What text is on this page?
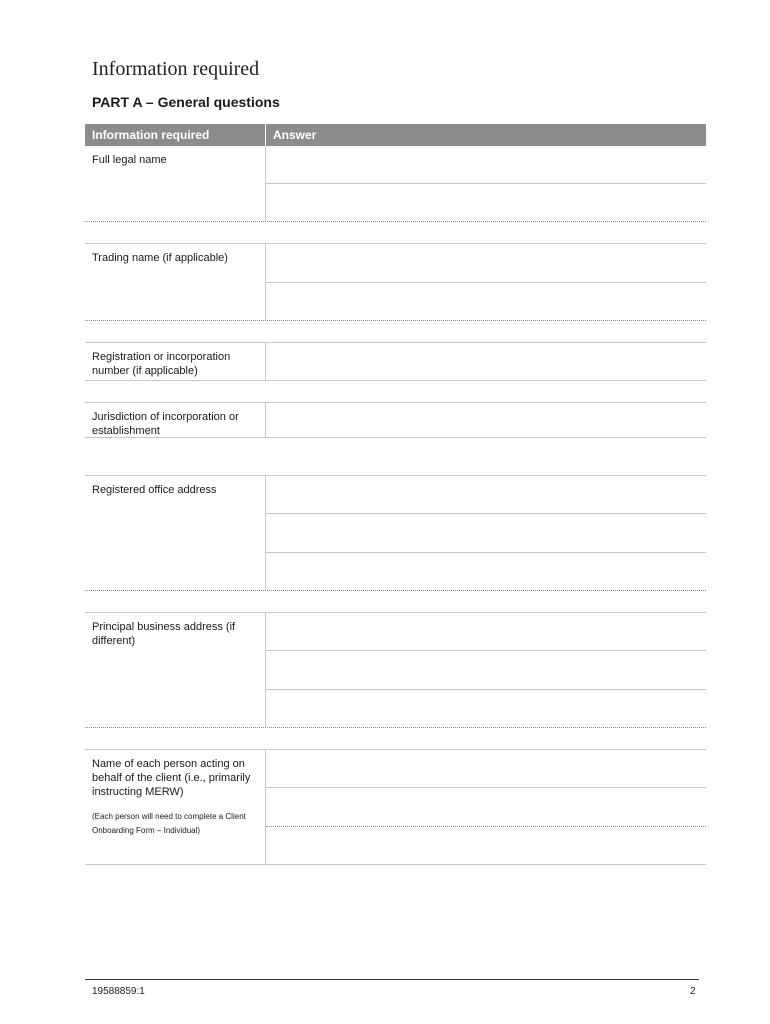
Information required
PART A – General questions
Information required	Answer
Full legal name
Trading name (if applicable)
Registration or incorporation number (if applicable)
Jurisdiction of incorporation or establishment
Registered office address
Principal business address (if different)
Name of each person acting on behalf of the client (i.e., primarily instructing MERW)
(Each person will need to complete a Client Onboarding Form – Individual)
19588859:1	2
